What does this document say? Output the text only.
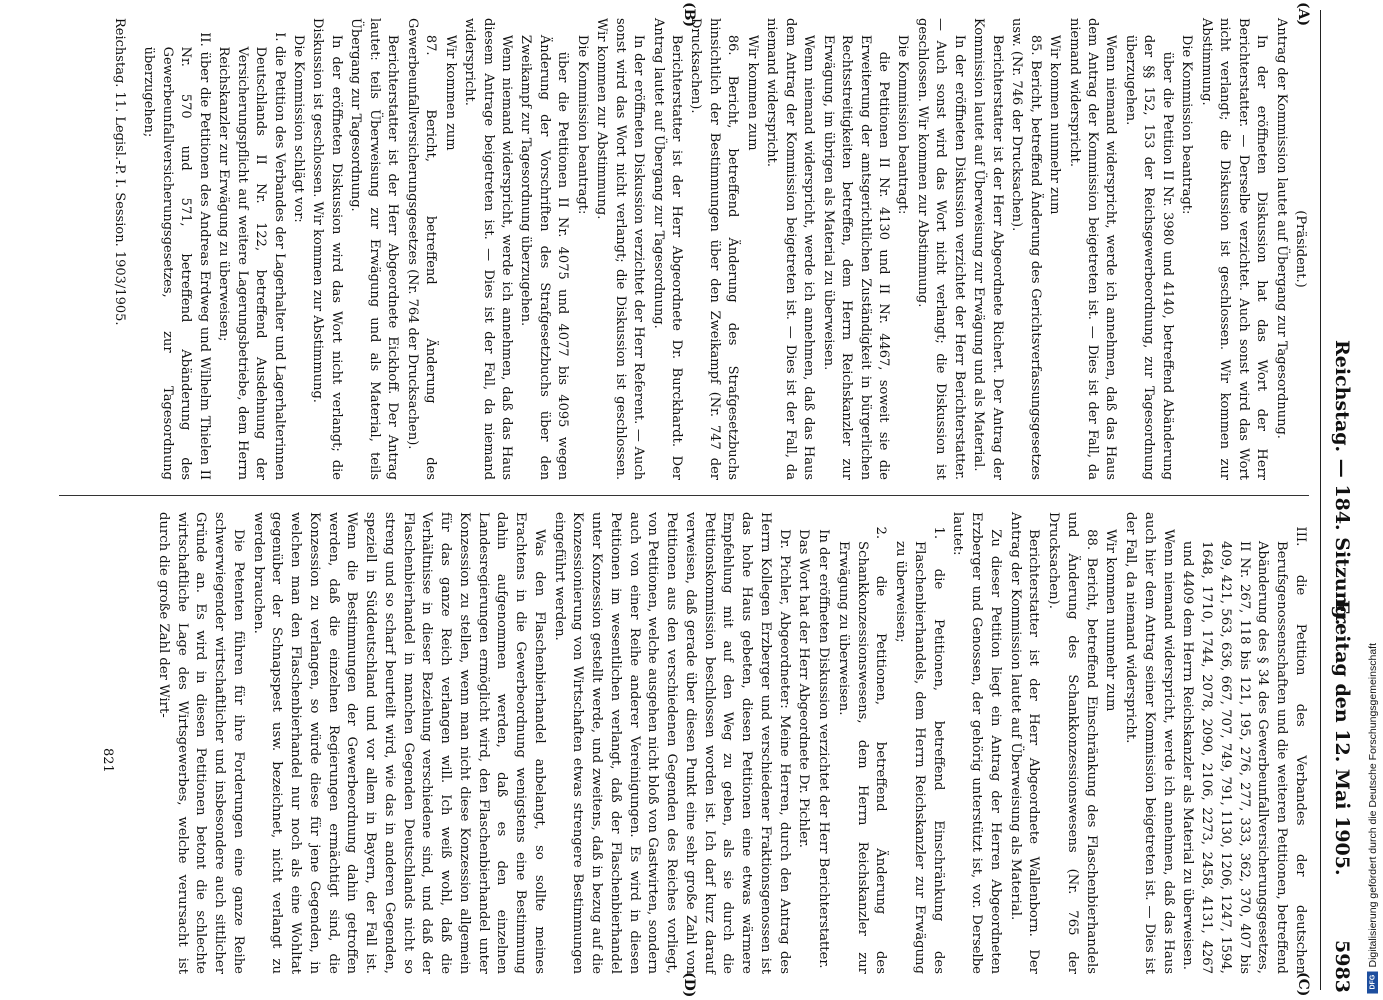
Reichstag. — 184. Sitzung.
Freitag den 12. Mai 1905.
5983
(A)
(B)
(C)
(D)

(Präsident.)

Antrag der Kommission lautet auf Übergang zur Tagesordnung.

In der eröffneten Diskussion hat das Wort der Herr Berichterstatter. — Derselbe verzichtet. Auch sonst wird das Wort nicht verlangt; die Diskussion ist geschlossen. Wir kommen zur Abstimmung.

Die Kommission beantragt:

über die Petition II Nr. 3980 und 4140, betreffend Abänderung der §§ 152, 153 der Reichsgewerbeordnung, zur Tagesordnung überzugehen.

Wenn niemand widerspricht, werde ich annehmen, daß das Haus dem Antrag der Kommission beigetreten ist. — Dies ist der Fall, da niemand widerspricht.

Wir kommen nunmehr zum

85. Bericht, betreffend Änderung des Gerichtsverfassungsgesetzes usw. (Nr. 746 der Drucksachen).

Berichterstatter ist der Herr Abgeordnete Richert. Der Antrag der Kommission lautet auf Überweisung zur Erwägung und als Material.

In der eröffneten Diskussion verzichtet der Herr Berichterstatter. — Auch sonst wird das Wort nicht verlangt; die Diskussion ist geschlossen. Wir kommen zur Abstimmung.

Die Kommission beantragt:

die Petitionen II Nr. 4130 und II Nr. 4467, soweit sie die Erweiterung der amtsgerichtlichen Zuständigkeit in bürgerlichen Rechtsstreitigkeiten betreffen, dem Herrn Reichskanzler zur Erwägung, im übrigen als Material zu überweisen.

Wenn niemand widerspricht, werde ich annehmen, daß das Haus dem Antrag der Kommission beigetreten ist. — Dies ist der Fall, da niemand widerspricht.

Wir kommen zum

86. Bericht, betreffend Änderung des Strafgesetzbuchs hinsichtlich der Bestimmungen über den Zweikampf (Nr. 747 der Drucksachen).

Berichterstatter ist der Herr Abgeordnete Dr. Burckhardt. Der Antrag lautet auf Übergang zur Tagesordnung.

In der eröffneten Diskussion verzichtet der Herr Referent. — Auch sonst wird das Wort nicht verlangt; die Diskussion ist geschlossen. Wir kommen zur Abstimmung.

Die Kommission beantragt:

über die Petitionen II Nr. 4075 und 4077 bis 4095 wegen Änderung der Vorschriften des Strafgesetzbuchs über den Zweikampf zur Tagesordnung überzugehen.

Wenn niemand widerspricht, werde ich annehmen, daß das Haus diesem Antrage beigetreten ist. — Dies ist der Fall, da niemand widerspricht.

Wir kommen zum

87. Bericht, betreffend Änderung des Gewerbeunfallversicherungsgesetzes (Nr. 764 der Drucksachen).

Berichterstatter ist der Herr Abgeordnete Eickhoff. Der Antrag lautet: teils Überweisung zur Erwägung und als Material, teils Übergang zur Tagesordnung.

In der eröffneten Diskussion wird das Wort nicht verlangt; die Diskussion ist geschlossen. Wir kommen zur Abstimmung.

Die Kommission schlägt vor:

I. die Petition des Verbandes der Lagerhalter und Lagerhalterinnen Deutschlands II Nr. 122, betreffend Ausdehnung der Versicherungspflicht auf weitere Lagerungsbetriebe, dem Herrn Reichskanzler zur Erwägung zu überweisen;

II. über die Petitionen des Andreas Erdweg und Wilhelm Thielen II Nr. 570 und 571, betreffend Abänderung des Gewerbeunfallversicherungsgesetzes, zur Tagesordnung überzugehen;

III. die Petition des Verbandes der deutschen Berufsgenossenschaften und die weiteren Petitionen, betreffend Abänderung des § 34 des Gewerbeunfallversicherungsgesetzes, II Nr. 267, 118 bis 121, 195, 276, 277, 333, 362, 370, 407 bis 409, 421, 563, 636, 667, 707, 749, 791, 1130, 1206, 1247, 1594, 1648, 1710, 1744, 2078, 2090, 2106, 2273, 2458, 4131, 4267 und 4409 dem Herrn Reichskanzler als Material zu überweisen.

Wenn niemand widerspricht, werde ich annehmen, daß das Haus auch hier dem Antrag seiner Kommission beigetreten ist. — Dies ist der Fall, da niemand widerspricht.

Wir kommen nunmehr zum

88. Bericht, betreffend Einschränkung des Flaschenbierhandels und Änderung des Schankkonzessionswesens (Nr. 765 der Drucksachen).

Berichterstatter ist der Herr Abgeordnete Wallenborn. Der Antrag der Kommission lautet auf Überweisung als Material.

Zu dieser Petition liegt ein Antrag der Herren Abgeordneten Erzberger und Genossen, der gehörig unterstützt ist, vor. Derselbe lautet:

1. die Petitionen, betreffend Einschränkung des Flaschenbierhandels, dem Herrn Reichskanzler zur Erwägung zu überweisen;

2. die Petitionen, betreffend Änderung des Schankkonzessionswesens, dem Herrn Reichskanzler zur Erwägung zu überweisen.

In der eröffneten Diskussion verzichtet der Herr Berichterstatter.

Das Wort hat der Herr Abgeordnete Dr. Pichler.

Dr. Pichler, Abgeordneter: Meine Herren, durch den Antrag des Herrn Kollegen Erzberger und verschiedener Fraktionsgenossen ist das hohe Haus gebeten, diesen Petitionen eine etwas wärmere Empfehlung mit auf den Weg zu geben, als sie durch die Petitionskommission beschlossen worden ist. Ich darf kurz darauf verweisen, daß gerade über diesen Punkt eine sehr große Zahl von Petitionen aus den verschiedenen Gegenden des Reiches vorliegt, von Petitionen, welche ausgehen nicht bloß von Gastwirten, sondern auch von einer Reihe anderer Vereinigungen. Es wird in diesen Petitionen im wesentlichen verlangt, daß der Flaschenbierhandel unter Konzession gestellt werde, und zweitens, daß in bezug auf die Konzessionierung von Wirtschaften etwas strengere Bestimmungen eingeführt werden.

Was den Flaschenbierhandel anbelangt, so sollte meines Erachtens in die Gewerbeordnung wenigstens eine Bestimmung dahin aufgenommen werden, daß es den einzelnen Landesregierungen ermöglicht wird, den Flaschenbierhandel unter Konzession zu stellen, wenn man nicht diese Konzession allgemein für das ganze Reich verlangen will. Ich weiß wohl, daß die Verhältnisse in dieser Beziehung verschiedene sind, und daß der Flaschenbierhandel in manchen Gegenden Deutschlands nicht so streng und so scharf beurteilt wird, wie das in anderen Gegenden, speziell in Süddeutschland und vor allem in Bayern, der Fall ist. Wenn die Bestimmungen der Gewerbeordnung dahin getroffen werden, daß die einzelnen Regierungen ermächtigt sind, die Konzession zu verlangen, so würde diese für jene Gegenden, in welchen man den Flaschenbierhandel nur noch als eine Wohltat gegenüber der Schnapspest usw. bezeichnet, nicht verlangt zu werden brauchen.

Die Petenten führen für ihre Forderungen eine ganze Reihe schwerwiegender wirtschaftlicher und insbesondere auch sittlicher Gründe an. Es wird in diesen Petitionen betont die schlechte wirtschaftliche Lage des Wirtsgewerbes, welche verursacht ist durch die große Zahl der Wirt-

Reichstag. 11. Legisl.-P. I. Session. 1903/1905.
821
DFG
Digitalisierung gefördert durch die Deutsche Forschungsgemeinschaft
